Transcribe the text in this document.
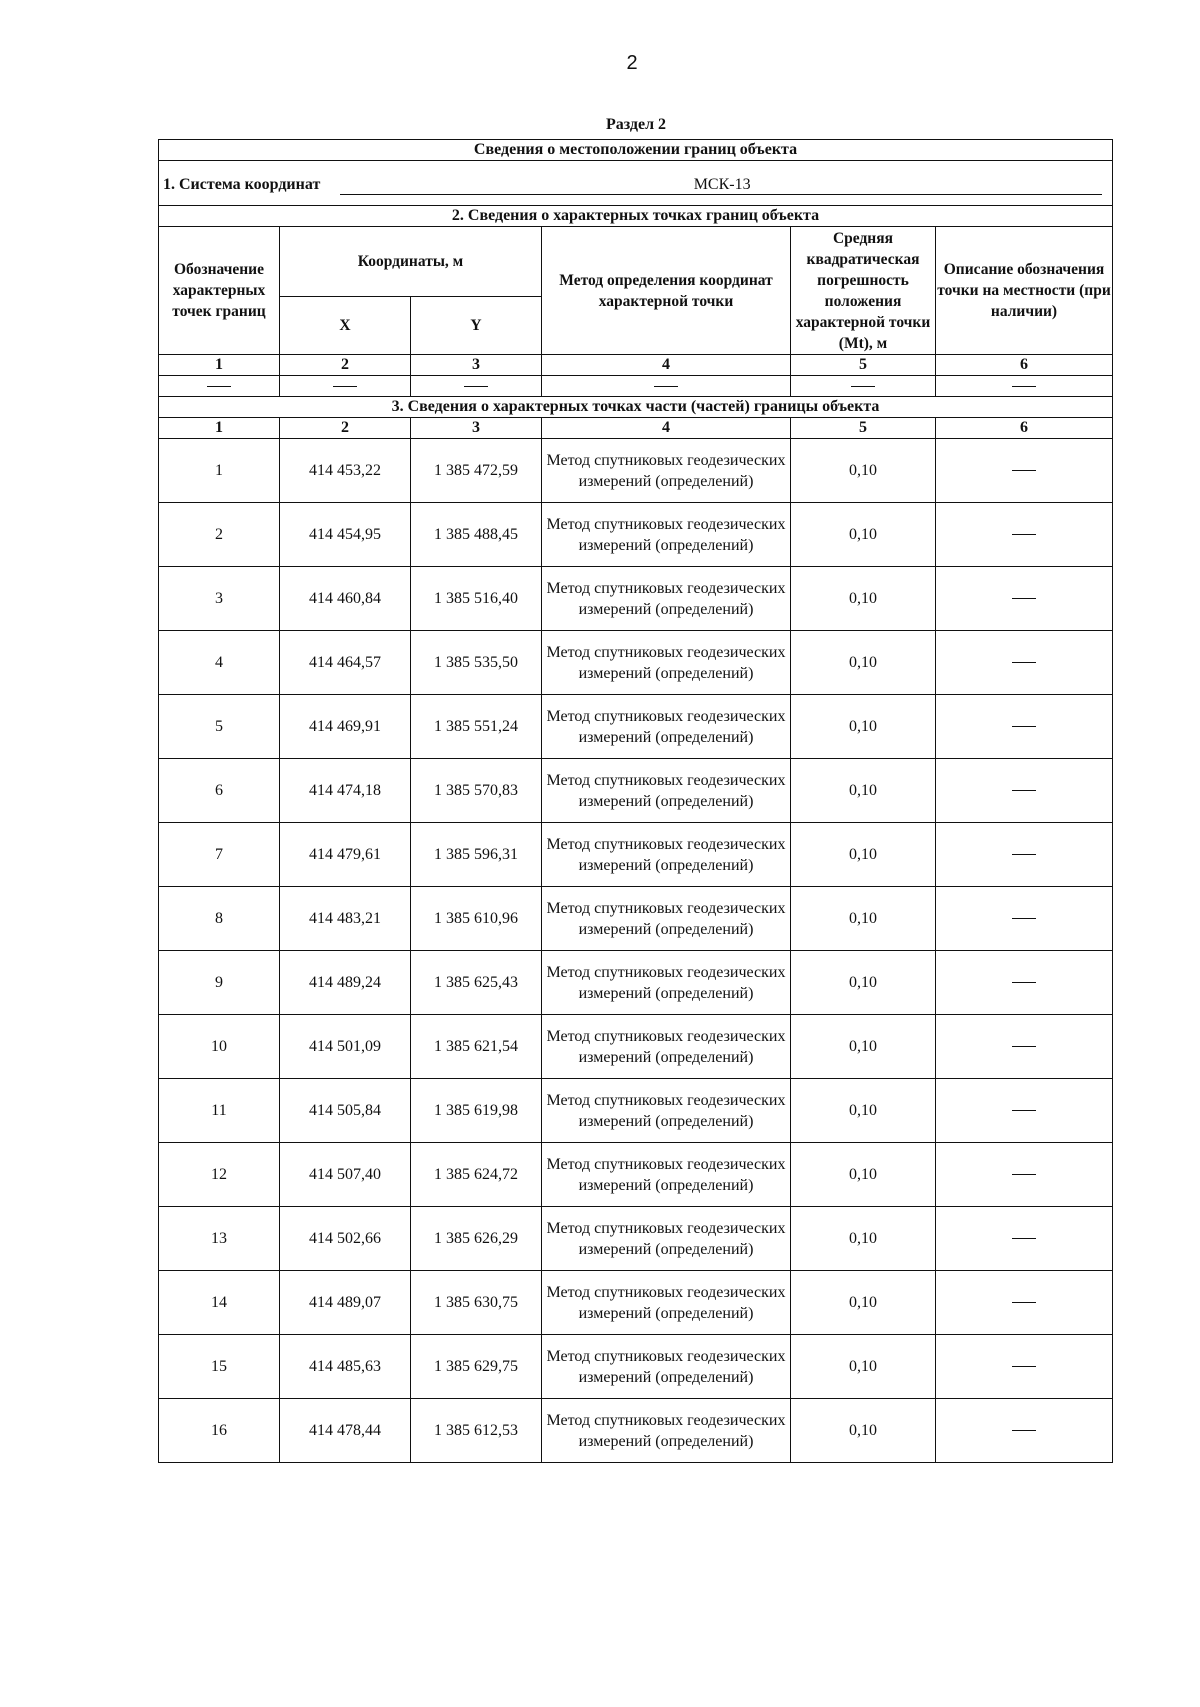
2
Раздел 2
Сведения о местоположении границ объекта					

1. Система координат МСК-13					

2. Сведения о характерных точках границ объекта					
Обозначение характерных точек границ	Координаты, м		Метод определения координат характерной точки	Средняя квадратическая погрешность положения характерной точки (Mt), м	Описание обозначения точки на местности (при наличии)
	X	Y			
1	2	3	4	5	6

3. Сведения о характерных точках части (частей) границы объекта					
1	2	3	4	5	6
1	414 453,22	1 385 472,59	Метод спутниковых геодезических измерений (определений)	0,10	
2	414 454,95	1 385 488,45	Метод спутниковых геодезических измерений (определений)	0,10	
3	414 460,84	1 385 516,40	Метод спутниковых геодезических измерений (определений)	0,10	
4	414 464,57	1 385 535,50	Метод спутниковых геодезических измерений (определений)	0,10	
5	414 469,91	1 385 551,24	Метод спутниковых геодезических измерений (определений)	0,10	
6	414 474,18	1 385 570,83	Метод спутниковых геодезических измерений (определений)	0,10	
7	414 479,61	1 385 596,31	Метод спутниковых геодезических измерений (определений)	0,10	
8	414 483,21	1 385 610,96	Метод спутниковых геодезических измерений (определений)	0,10	
9	414 489,24	1 385 625,43	Метод спутниковых геодезических измерений (определений)	0,10	
10	414 501,09	1 385 621,54	Метод спутниковых геодезических измерений (определений)	0,10	
11	414 505,84	1 385 619,98	Метод спутниковых геодезических измерений (определений)	0,10	
12	414 507,40	1 385 624,72	Метод спутниковых геодезических измерений (определений)	0,10	
13	414 502,66	1 385 626,29	Метод спутниковых геодезических измерений (определений)	0,10	
14	414 489,07	1 385 630,75	Метод спутниковых геодезических измерений (определений)	0,10	
15	414 485,63	1 385 629,75	Метод спутниковых геодезических измерений (определений)	0,10	
16	414 478,44	1 385 612,53	Метод спутниковых геодезических измерений (определений)	0,10	
